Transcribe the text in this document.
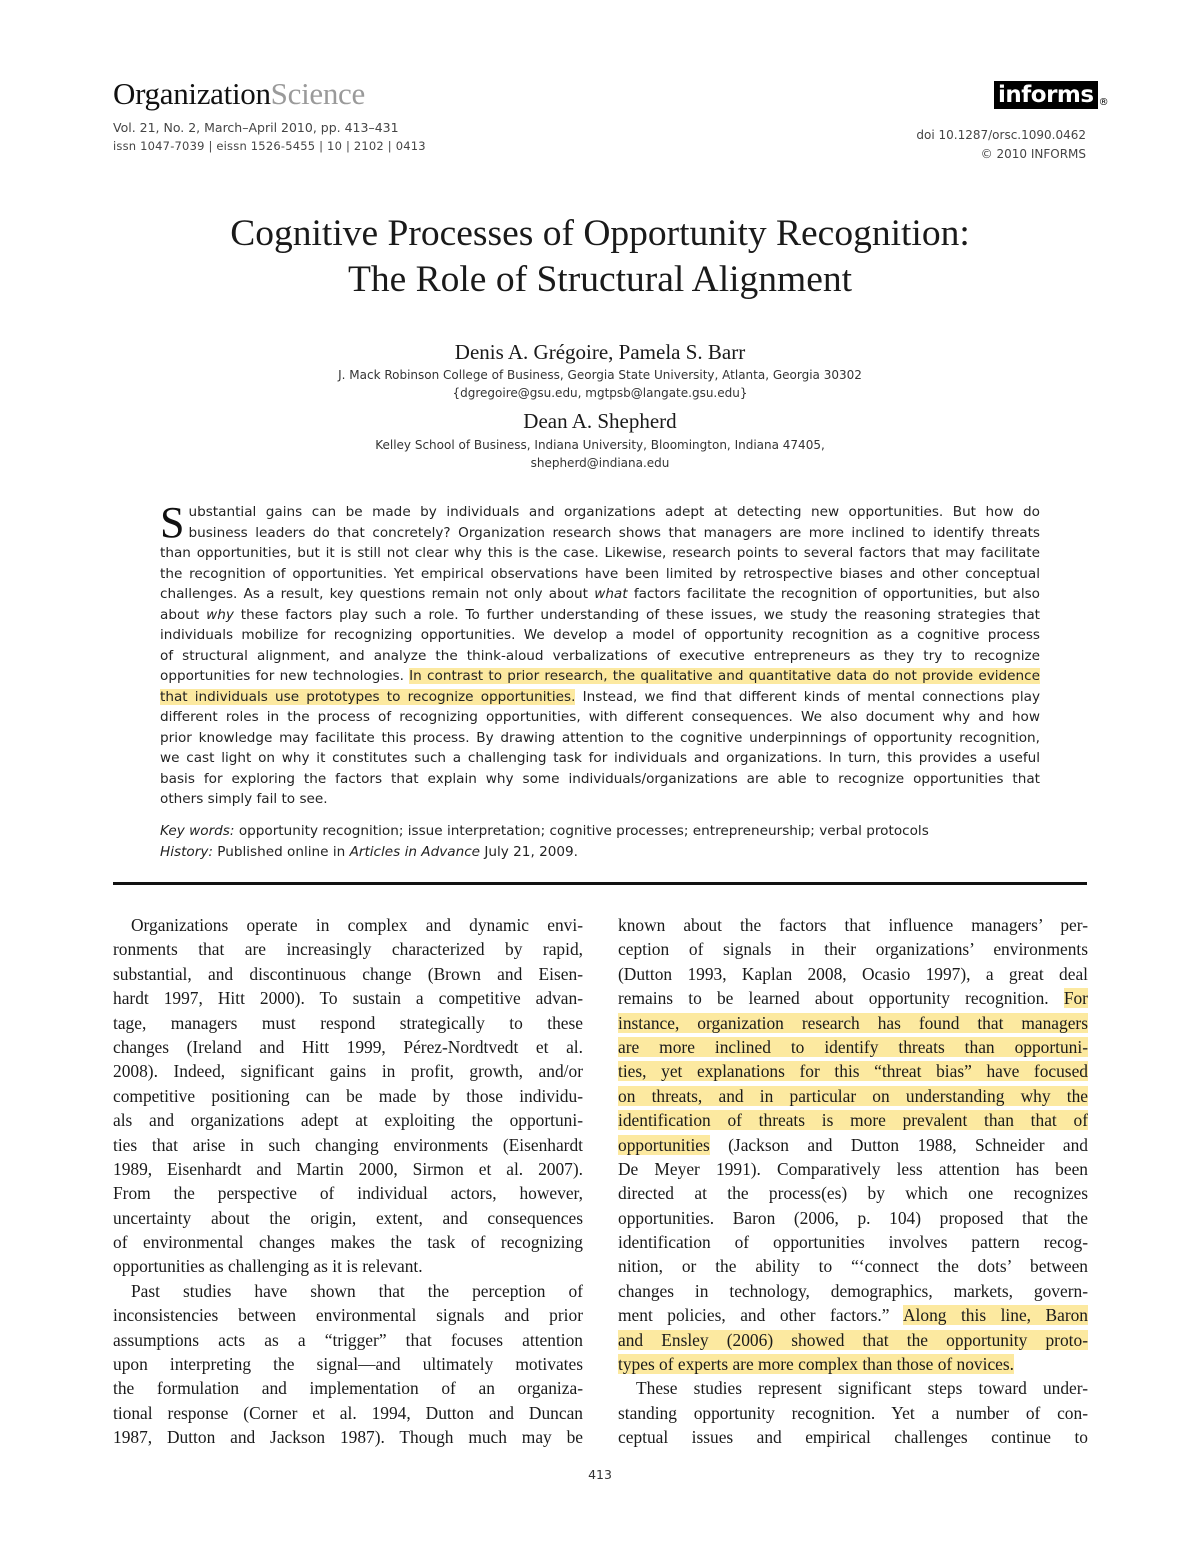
OrganizationScience
Vol. 21, No. 2, March–April 2010, pp. 413–431
issn 1047-7039 | eissn 1526-5455 | 10 | 2102 | 0413
informs ®
doi 10.1287/orsc.1090.0462
© 2010 INFORMS
Cognitive Processes of Opportunity Recognition:
The Role of Structural Alignment
Denis A. Grégoire, Pamela S. Barr
J. Mack Robinson College of Business, Georgia State University, Atlanta, Georgia 30302
{dgregoire@gsu.edu, mgtpsb@langate.gsu.edu}
Dean A. Shepherd
Kelley School of Business, Indiana University, Bloomington, Indiana 47405,
shepherd@indiana.edu
S ubstantial gains can be made by individuals and organizations adept at detecting new opportunities. But how do
business leaders do that concretely? Organization research shows that managers are more inclined to identify threats
than opportunities, but it is still not clear why this is the case. Likewise, research points to several factors that may facilitate
the recognition of opportunities. Yet empirical observations have been limited by retrospective biases and other conceptual
challenges. As a result, key questions remain not only about what factors facilitate the recognition of opportunities, but also
about why these factors play such a role. To further understanding of these issues, we study the reasoning strategies that
individuals mobilize for recognizing opportunities. We develop a model of opportunity recognition as a cognitive process
of structural alignment, and analyze the think-aloud verbalizations of executive entrepreneurs as they try to recognize
opportunities for new technologies. In contrast to prior research, the qualitative and quantitative data do not provide evidence
that individuals use prototypes to recognize opportunities. Instead, we find that different kinds of mental connections play
different roles in the process of recognizing opportunities, with different consequences. We also document why and how
prior knowledge may facilitate this process. By drawing attention to the cognitive underpinnings of opportunity recognition,
we cast light on why it constitutes such a challenging task for individuals and organizations. In turn, this provides a useful
basis for exploring the factors that explain why some individuals/organizations are able to recognize opportunities that
others simply fail to see.
Key words: opportunity recognition; issue interpretation; cognitive processes; entrepreneurship; verbal protocols
History: Published online in Articles in Advance July 21, 2009.
Organizations operate in complex and dynamic envi-
ronments that are increasingly characterized by rapid,
substantial, and discontinuous change (Brown and Eisen-
hardt 1997, Hitt 2000). To sustain a competitive advan-
tage, managers must respond strategically to these
changes (Ireland and Hitt 1999, Pérez-Nordtvedt et al.
2008). Indeed, significant gains in profit, growth, and/or
competitive positioning can be made by those individu-
als and organizations adept at exploiting the opportuni-
ties that arise in such changing environments (Eisenhardt
1989, Eisenhardt and Martin 2000, Sirmon et al. 2007).
From the perspective of individual actors, however,
uncertainty about the origin, extent, and consequences
of environmental changes makes the task of recognizing
opportunities as challenging as it is relevant.
Past studies have shown that the perception of
inconsistencies between environmental signals and prior
assumptions acts as a “trigger” that focuses attention
upon interpreting the signal—and ultimately motivates
the formulation and implementation of an organiza-
tional response (Corner et al. 1994, Dutton and Duncan
1987, Dutton and Jackson 1987). Though much may be
known about the factors that influence managers’ per-
ception of signals in their organizations’ environments
(Dutton 1993, Kaplan 2008, Ocasio 1997), a great deal
remains to be learned about opportunity recognition. For
instance, organization research has found that managers
are more inclined to identify threats than opportuni-
ties, yet explanations for this “threat bias” have focused
on threats, and in particular on understanding why the
identification of threats is more prevalent than that of
opportunities (Jackson and Dutton 1988, Schneider and
De Meyer 1991). Comparatively less attention has been
directed at the process(es) by which one recognizes
opportunities. Baron (2006, p. 104) proposed that the
identification of opportunities involves pattern recog-
nition, or the ability to “‘connect the dots’ between
changes in technology, demographics, markets, govern-
ment policies, and other factors.” Along this line, Baron
and Ensley (2006) showed that the opportunity proto-
types of experts are more complex than those of novices.
These studies represent significant steps toward under-
standing opportunity recognition. Yet a number of con-
ceptual issues and empirical challenges continue to
413
